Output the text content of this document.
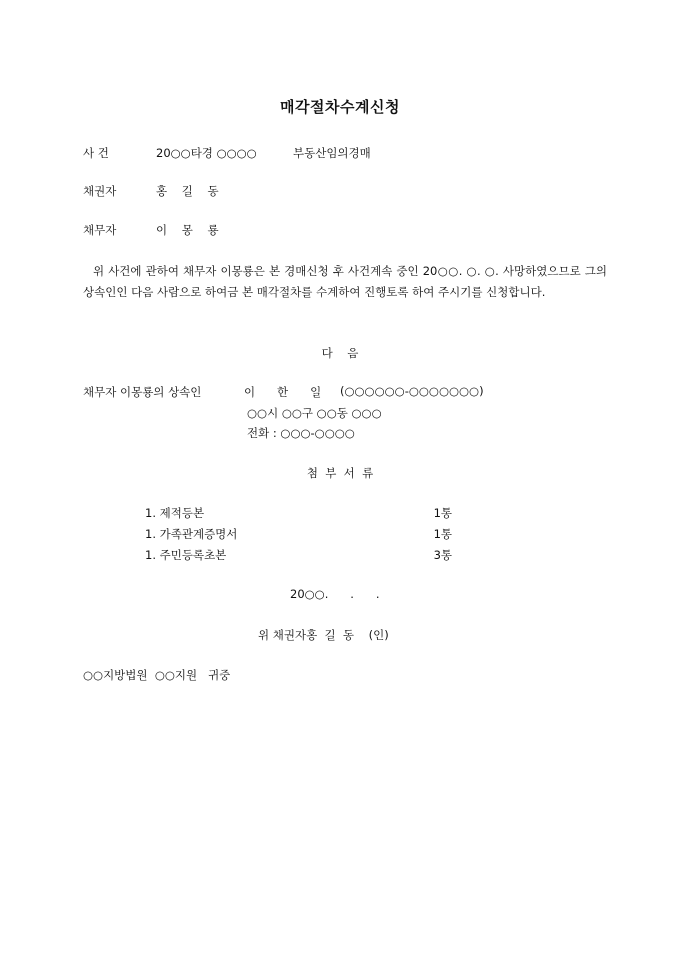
매각절차수계신청
사 건	20○○타경 ○○○○	부동산임의경매
채권자	홍    길    동
채무자	이    몽    룡
위 사건에 관하여 채무자 이몽룡은 본 경매신청 후 사건계속 중인 20○○. ○. ○. 사망하였으므로 그의 상속인인 다음 사람으로 하여금 본 매각절차를 수계하여 진행토록 하여 주시기를 신청합니다.
다    음
채무자 이몽룡의 상속인	이      한      일 (○○○○○○-○○○○○○○)
○○시 ○○구 ○○동 ○○○
전화 : ○○○-○○○○
첨  부  서  류
1. 제적등본	1통
1. 가족관계증명서	1통
1. 주민등록초본	3통
20○○.      .      .
위 채권자홍  길  동    (인)
○○지방법원  ○○지원   귀중
